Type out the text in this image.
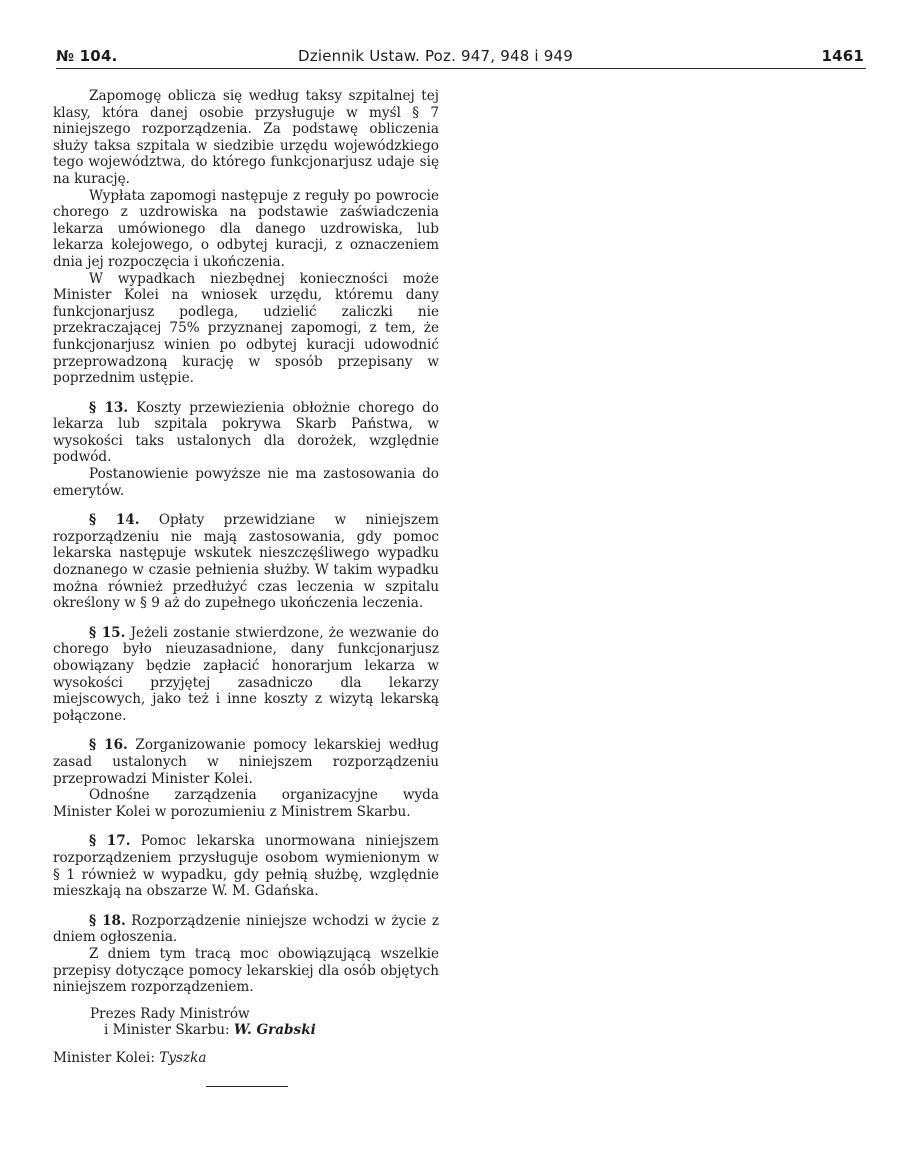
№ 104.	Dziennik Ustaw. Poz. 947, 948 i 949	1461

Zapomogę oblicza się według taksy szpitalnej tej klasy, która danej osobie przysługuje w myśl § 7 niniejszego rozporządzenia. Za podstawę obliczenia służy taksa szpitala w siedzibie urzędu wojewódzkiego tego województwa, do którego funkcjonarjusz udaje się na kurację.

Wypłata zapomogi następuje z reguły po powrocie chorego z uzdrowiska na podstawie zaświadczenia lekarza umówionego dla danego uzdrowiska, lub lekarza kolejowego, o odbytej kuracji, z oznaczeniem dnia jej rozpoczęcia i ukończenia.

W wypadkach niezbędnej konieczności może Minister Kolei na wniosek urzędu, któremu dany funkcjonarjusz podlega, udzielić zaliczki nie przekraczającej 75% przyznanej zapomogi, z tem, że funkcjonarjusz winien po odbytej kuracji udowodnić przeprowadzoną kurację w sposób przepisany w poprzednim ustępie.

§ 13. Koszty przewiezienia obłożnie chorego do lekarza lub szpitala pokrywa Skarb Państwa, w wysokości taks ustalonych dla dorożek, względnie podwód.

Postanowienie powyższe nie ma zastosowania do emerytów.

§ 14. Opłaty przewidziane w niniejszem rozporządzeniu nie mają zastosowania, gdy pomoc lekarska następuje wskutek nieszczęśliwego wypadku doznanego w czasie pełnienia służby. W takim wypadku można również przedłużyć czas leczenia w szpitalu określony w § 9 aż do zupełnego ukończenia leczenia.

§ 15. Jeżeli zostanie stwierdzone, że wezwanie do chorego było nieuzasadnione, dany funkcjonarjusz obowiązany będzie zapłacić honorarjum lekarza w wysokości przyjętej zasadniczo dla lekarzy miejscowych, jako też i inne koszty z wizytą lekarską połączone.

§ 16. Zorganizowanie pomocy lekarskiej według zasad ustalonych w niniejszem rozporządzeniu przeprowadzi Minister Kolei.

Odnośne zarządzenia organizacyjne wyda Minister Kolei w porozumieniu z Ministrem Skarbu.

§ 17. Pomoc lekarska unormowana niniejszem rozporządzeniem przysługuje osobom wymienionym w § 1 również w wypadku, gdy pełnią służbę, względnie mieszkają na obszarze W. M. Gdańska.

§ 18. Rozporządzenie niniejsze wchodzi w życie z dniem ogłoszenia.

Z dniem tym tracą moc obowiązującą wszelkie przepisy dotyczące pomocy lekarskiej dla osób objętych niniejszem rozporządzeniem.

Prezes Rady Ministrów
i Minister Skarbu: W. Grabski
Minister Kolei: Tyszka
